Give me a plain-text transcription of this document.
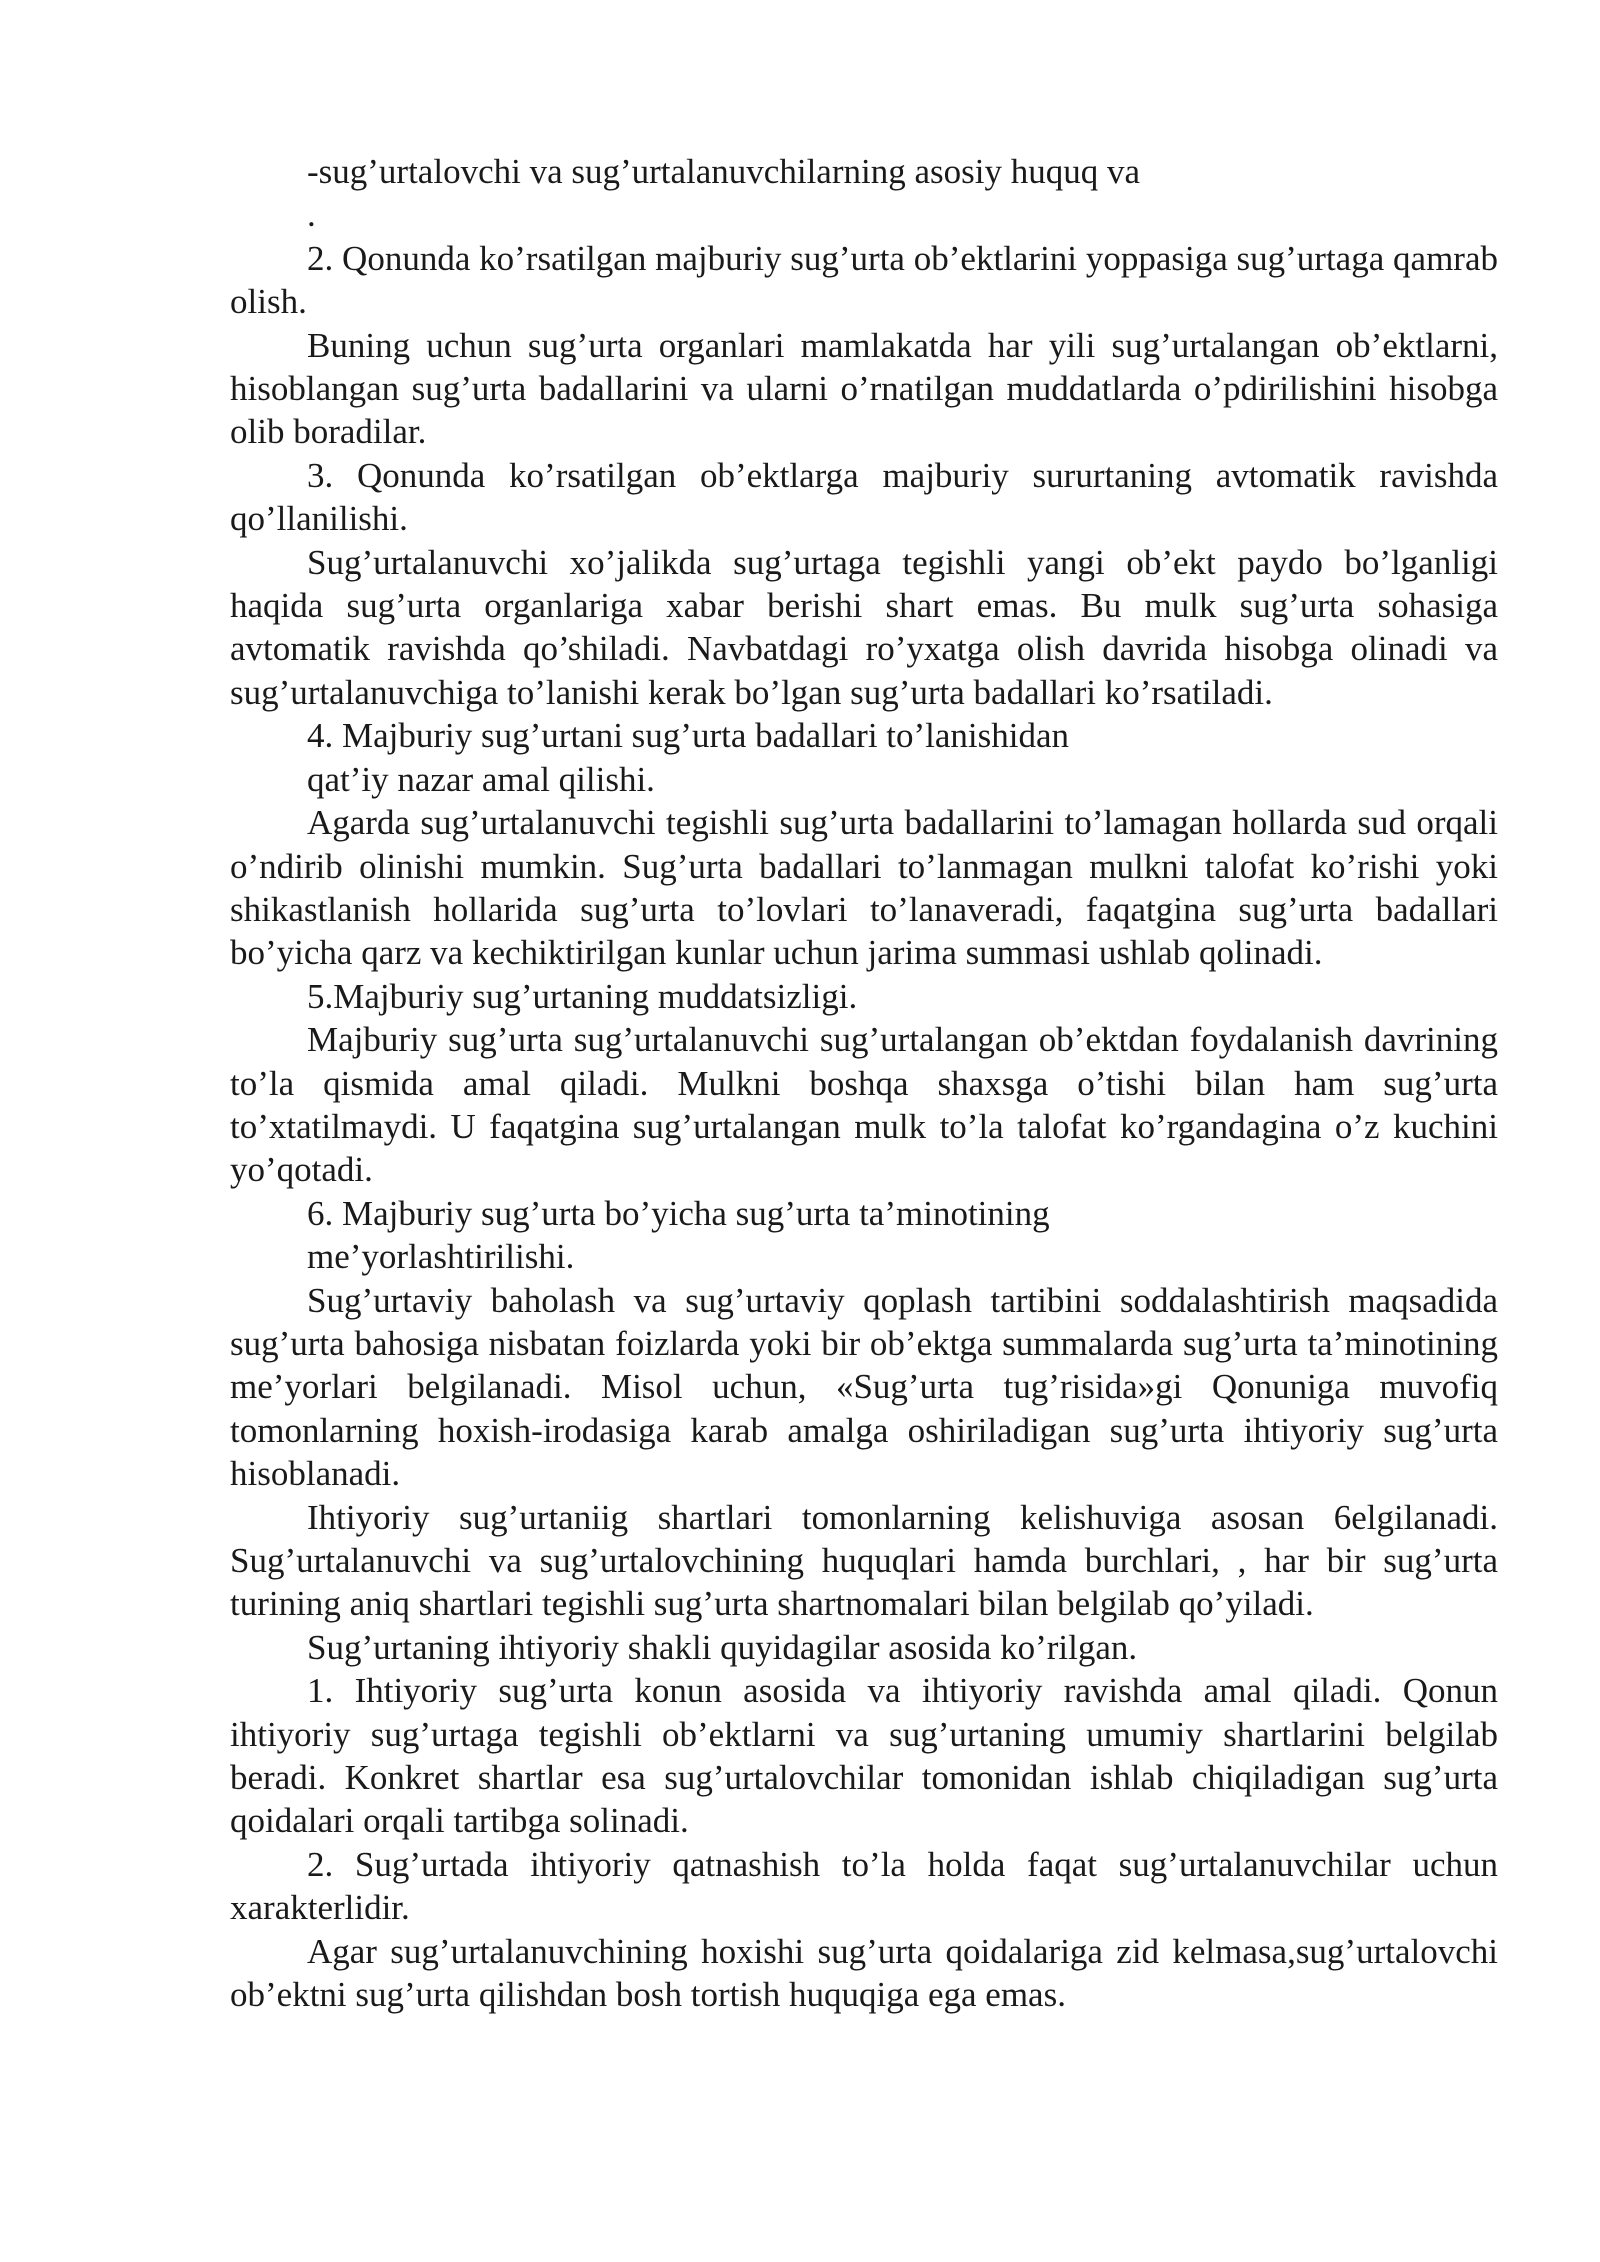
-sug’urtalovchi va sug’urtalanuvchilarning asosiy huquq va

.

2. Qonunda ko’rsatilgan majburiy sug’urta ob’ektlarini yoppasiga sug’urtaga qamrab olish.

Buning uchun sug’urta organlari mamlakatda har yili sug’urtalangan ob’ektlarni, hisoblangan sug’urta badallarini va ularni o’rnatilgan muddatlarda o’pdirilishini hisobga olib boradilar.

3. Qonunda ko’rsatilgan ob’ektlarga majburiy sururtaning avtomatik ravishda qo’llanilishi.

Sug’urtalanuvchi xo’jalikda sug’urtaga tegishli yangi ob’ekt paydo bo’lganligi haqida sug’urta organlariga xabar berishi shart emas. Bu mulk sug’urta sohasiga avtomatik ravishda qo’shiladi. Navbatdagi ro’yxatga olish davrida hisobga olinadi va sug’urtalanuvchiga to’lanishi kerak bo’lgan sug’urta badallari ko’rsatiladi.

4. Majburiy sug’urtani sug’urta badallari to’lanishidan

qat’iy nazar amal qilishi.

Agarda sug’urtalanuvchi tegishli sug’urta badallarini to’lamagan hollarda sud orqali o’ndirib olinishi mumkin. Sug’urta badallari to’lanmagan mulkni talofat ko’rishi yoki shikastlanish hollarida sug’urta to’lovlari to’lanaveradi, faqatgina sug’urta badallari bo’yicha qarz va kechiktirilgan kunlar uchun jarima summasi ushlab qolinadi.

5.Majburiy sug’urtaning muddatsizligi.

Majburiy sug’urta sug’urtalanuvchi sug’urtalangan ob’ektdan foydalanish davrining to’la qismida amal qiladi. Mulkni boshqa shaxsga o’tishi bilan ham sug’urta to’xtatilmaydi. U faqatgina sug’urtalangan mulk to’la talofat ko’rgandagina o’z kuchini yo’qotadi.

6. Majburiy sug’urta bo’yicha sug’urta ta’minotining

me’yorlashtirilishi.

Sug’urtaviy baholash va sug’urtaviy qoplash tartibini soddalashtirish maqsadida sug’urta bahosiga nisbatan foizlarda yoki bir ob’ektga summalarda sug’urta ta’minotining me’yorlari belgilanadi. Misol uchun, «Sug’urta tug’risida»gi Qonuniga muvofiq tomonlarning hoxish-irodasiga karab amalga oshiriladigan sug’urta ihtiyoriy sug’urta hisoblanadi.

Ihtiyoriy sug’urtaniig shartlari tomonlarning kelishuviga asosan 6elgilanadi. Sug’urtalanuvchi va sug’urtalovchining huquqlari hamda burchlari, , har bir sug’urta turining aniq shartlari tegishli sug’urta shartnomalari bilan belgilab qo’yiladi.

Sug’urtaning ihtiyoriy shakli quyidagilar asosida ko’rilgan.

1. Ihtiyoriy sug’urta konun asosida va ihtiyoriy ravishda amal qiladi. Qonun ihtiyoriy sug’urtaga tegishli ob’ektlarni va sug’urtaning umumiy shartlarini belgilab beradi. Konkret shartlar esa sug’urtalovchilar tomonidan ishlab chiqiladigan sug’urta qoidalari orqali tartibga solinadi.

2. Sug’urtada ihtiyoriy qatnashish to’la holda faqat sug’urtalanuvchilar uchun xarakterlidir.

Agar sug’urtalanuvchining hoxishi sug’urta qoidalariga zid kelmasa,sug’urtalovchi ob’ektni sug’urta qilishdan bosh tortish huquqiga ega emas.
